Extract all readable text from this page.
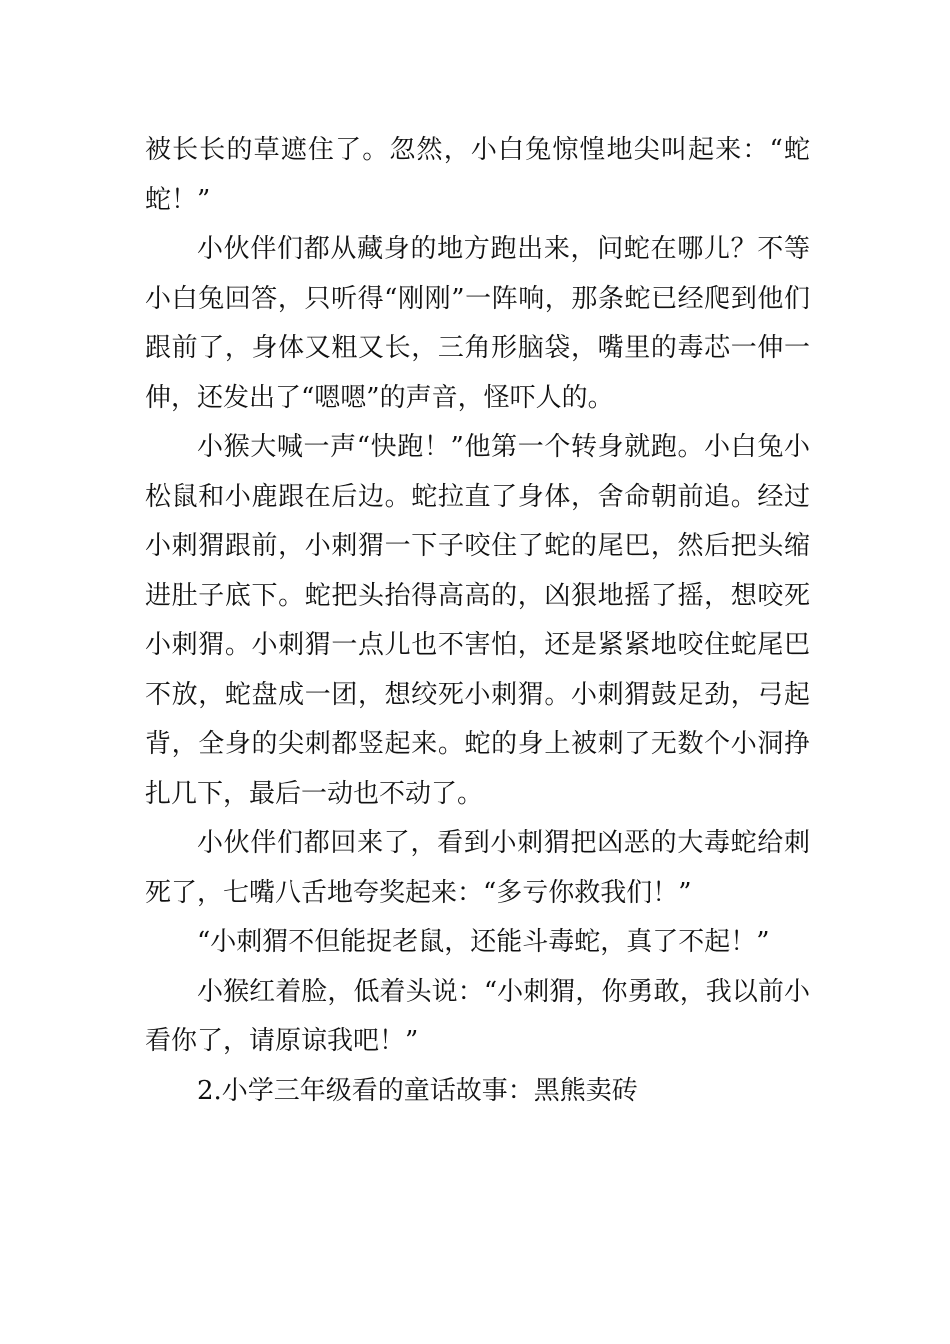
被长长的草遮住了。忽然，小白兔惊惶地尖叫起来：“蛇蛇！”

小伙伴们都从藏身的地方跑出来，问蛇在哪儿？不等小白兔回答，只听得“刚刚”一阵响，那条蛇已经爬到他们跟前了，身体又粗又长，三角形脑袋，嘴里的毒芯一伸一伸，还发出了“嗯嗯”的声音，怪吓人的。

小猴大喊一声“快跑！”他第一个转身就跑。小白兔小松鼠和小鹿跟在后边。蛇拉直了身体，舍命朝前追。经过小刺猬跟前，小刺猬一下子咬住了蛇的尾巴，然后把头缩进肚子底下。蛇把头抬得高高的，凶狠地摇了摇，想咬死小刺猬。小刺猬一点儿也不害怕，还是紧紧地咬住蛇尾巴不放，蛇盘成一团，想绞死小刺猬。小刺猬鼓足劲，弓起背，全身的尖刺都竖起来。蛇的身上被刺了无数个小洞挣扎几下，最后一动也不动了。

小伙伴们都回来了，看到小刺猬把凶恶的大毒蛇给刺死了，七嘴八舌地夸奖起来：“多亏你救我们！”

“小刺猬不但能捉老鼠，还能斗毒蛇，真了不起！”

小猴红着脸，低着头说：“小刺猬，你勇敢，我以前小看你了，请原谅我吧！”

2.小学三年级看的童话故事：黑熊卖砖
